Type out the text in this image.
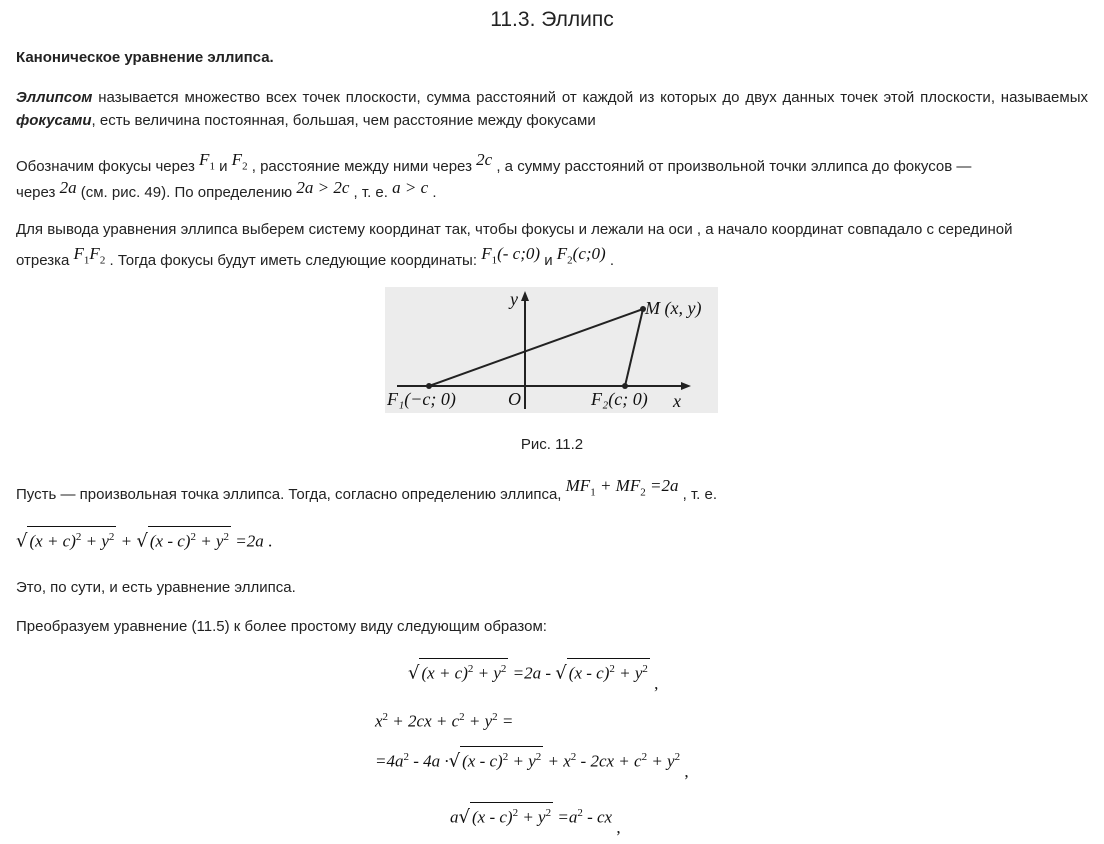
11.3. Эллипс
Каноническое уравнение эллипса.
Эллипсом называется множество всех точек плоскости, сумма расстояний от каждой из которых до двух данных точек этой плоскости, называемых фокусами, есть величина постоянная, большая, чем расстояние между фокусами
Обозначим фокусы через $F_1$ и $F_2$ , расстояние между ними через 2c , а сумму расстояний от произвольной точки эллипса до фокусов —
через 2a (см. рис. 49). По определению 2a > 2c , т. е. a > c .
Для вывода уравнения эллипса выберем систему координат так, чтобы фокусы и лежали на оси , а начало координат совпадало с серединой
отрезка $F_1F_2$ . Тогда фокусы будут иметь следующие координаты: $F_1(-$ c;0) и $F_2(c;0)$ .
y
x
O
M (x, y)
F₁(−c; 0)	F₂(c; 0)
Рис. 11.2
Пусть — произвольная точка эллипса. Тогда, согласно определению эллипса, $MF_1 + MF_2 =2a$ , т. е.
√ $(x + c)^2 + y^2$ + √ $(x - c)^2 + y^2 =2a$ .
Это, по сути, и есть уравнение эллипса.
Преобразуем уравнение (11.5) к более простому виду следующим образом:
√ $(x + c)^2 + y^2 =2a$ - √ $(x - c)^2 + y^2$ ,
$x^2 + 2cx + c^2 + y^2$ =
$=4a^2 - 4a$ ·√ $(x - c)^2 + y^2 + x^2 - 2cx + c^2 + y^2$ ,
a√ $(x - c)^2 + y^2 =a^2$ - cx ,
